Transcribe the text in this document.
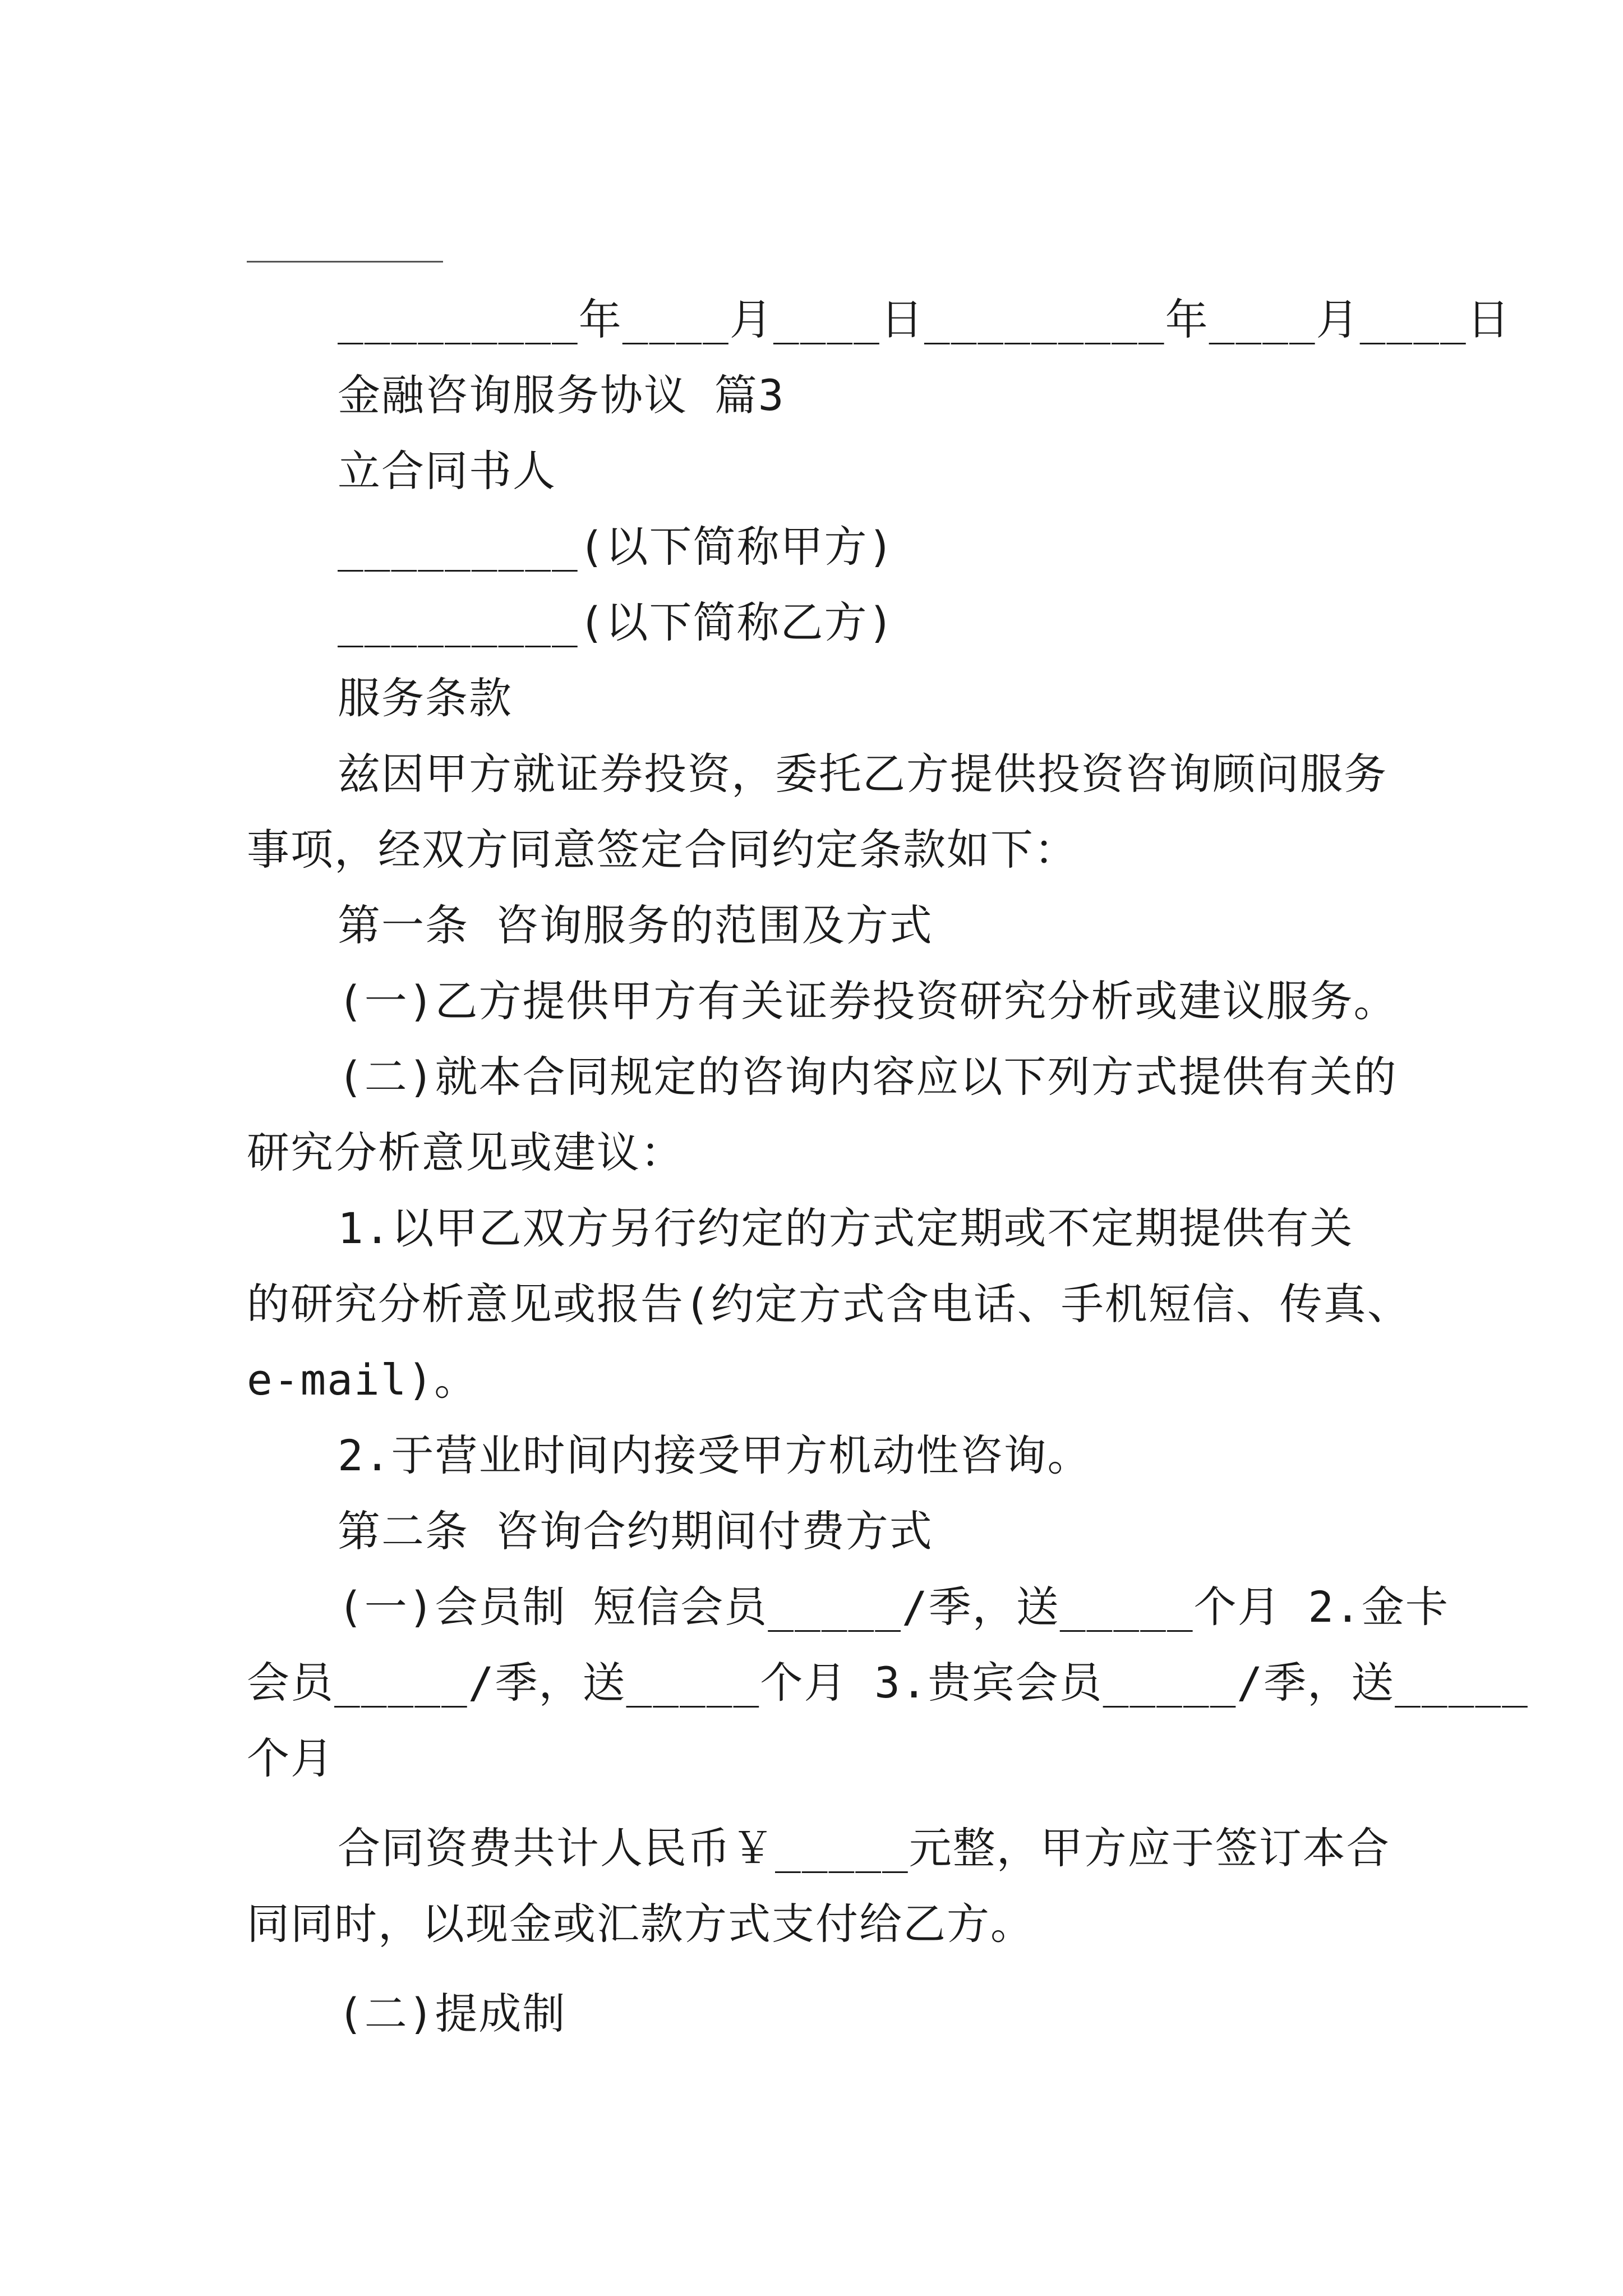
_________年____月____日_________年____月____日
金融咨询服务协议 篇3
立合同书人
_________(以下简称甲方)
_________(以下简称乙方)
服务条款
兹因甲方就证券投资，委托乙方提供投资咨询顾问服务
事项，经双方同意签定合同约定条款如下：
第一条 咨询服务的范围及方式
(一)乙方提供甲方有关证券投资研究分析或建议服务。
(二)就本合同规定的咨询内容应以下列方式提供有关的
研究分析意见或建议：
1.以甲乙双方另行约定的方式定期或不定期提供有关
的研究分析意见或报告(约定方式含电话、手机短信、传真、
e-mail)。
2.于营业时间内接受甲方机动性咨询。
第二条 咨询合约期间付费方式
(一)会员制 短信会员_____/季，送_____个月 2.金卡
会员_____/季，送_____个月 3.贵宾会员_____/季，送_____
个月
合同资费共计人民币￥_____元整，甲方应于签订本合
同同时，以现金或汇款方式支付给乙方。
(二)提成制
